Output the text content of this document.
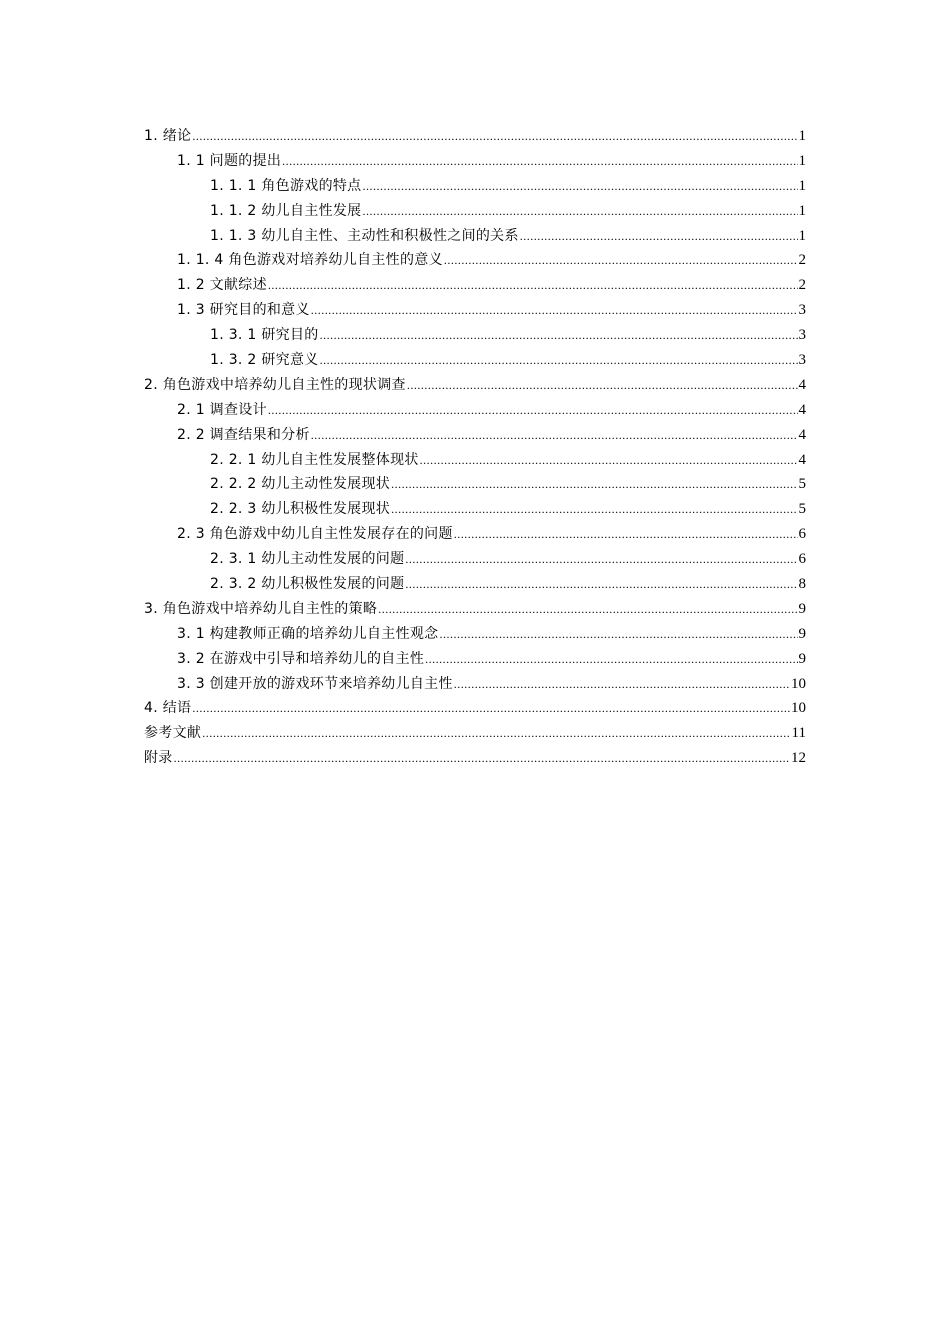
1. 绪论 .....	1
1. 1 问题的提出 .....	1
1. 1. 1 角色游戏的特点 .....	1
1. 1. 2 幼儿自主性发展 .....	1
1. 1. 3 幼儿自主性、主动性和积极性之间的关系 .....	1
1. 1. 4 角色游戏对培养幼儿自主性的意义 .....	2
1. 2 文献综述 .....	2
1. 3 研究目的和意义 .....	3
1. 3. 1 研究目的 .....	3
1. 3. 2 研究意义 .....	3
2. 角色游戏中培养幼儿自主性的现状调查 .....	4
2. 1 调查设计 .....	4
2. 2 调查结果和分析 .....	4
2. 2. 1 幼儿自主性发展整体现状 .....	4
2. 2. 2 幼儿主动性发展现状 .....	5
2. 2. 3 幼儿积极性发展现状 .....	5
2. 3 角色游戏中幼儿自主性发展存在的问题 .....	6
2. 3. 1 幼儿主动性发展的问题 .....	6
2. 3. 2 幼儿积极性发展的问题 .....	8
3. 角色游戏中培养幼儿自主性的策略 .....	9
3. 1 构建教师正确的培养幼儿自主性观念 .....	9
3. 2 在游戏中引导和培养幼儿的自主性 .....	9
3. 3 创建开放的游戏环节来培养幼儿自主性 .....	10
4. 结语 .....	10
参考文献 .....	11
附录 .....	12
